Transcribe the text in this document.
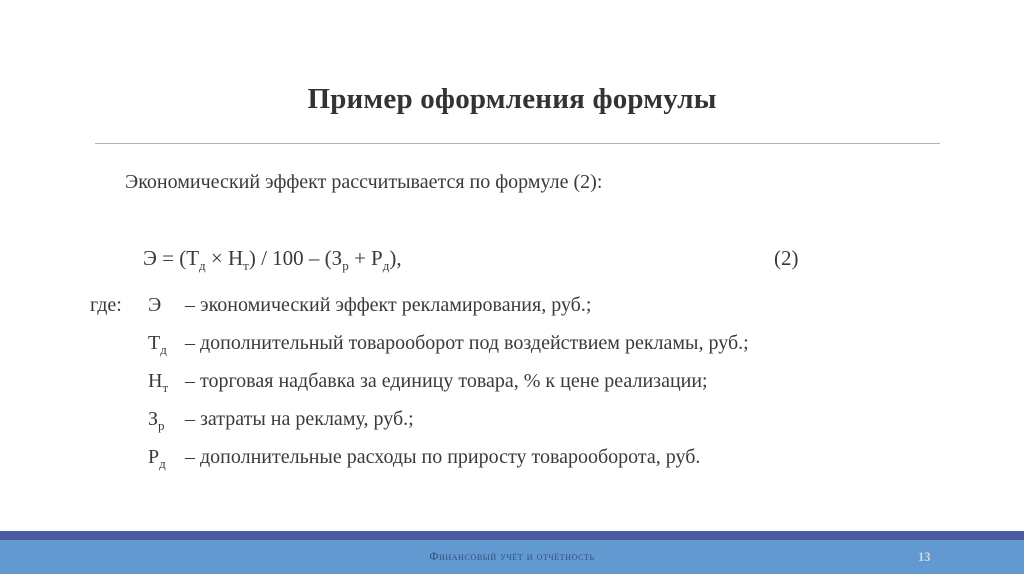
Пример оформления формулы
Экономический эффект рассчитывается по формуле (2):
$Э = (Т_д \times Н_т) / 100 - (З_р + Р_д)$,	(2)
где: Э – экономический эффект рекламирования, руб.;
$Т_д$ – дополнительный товарооборот под воздействием рекламы, руб.;
$Н_т$ – торговая надбавка за единицу товара, % к цене реализации;
$З_р$ – затраты на рекламу, руб.;
$Р_д$ – дополнительные расходы по приросту товарооборота, руб.
Финансовый учёт и отчётность	13
